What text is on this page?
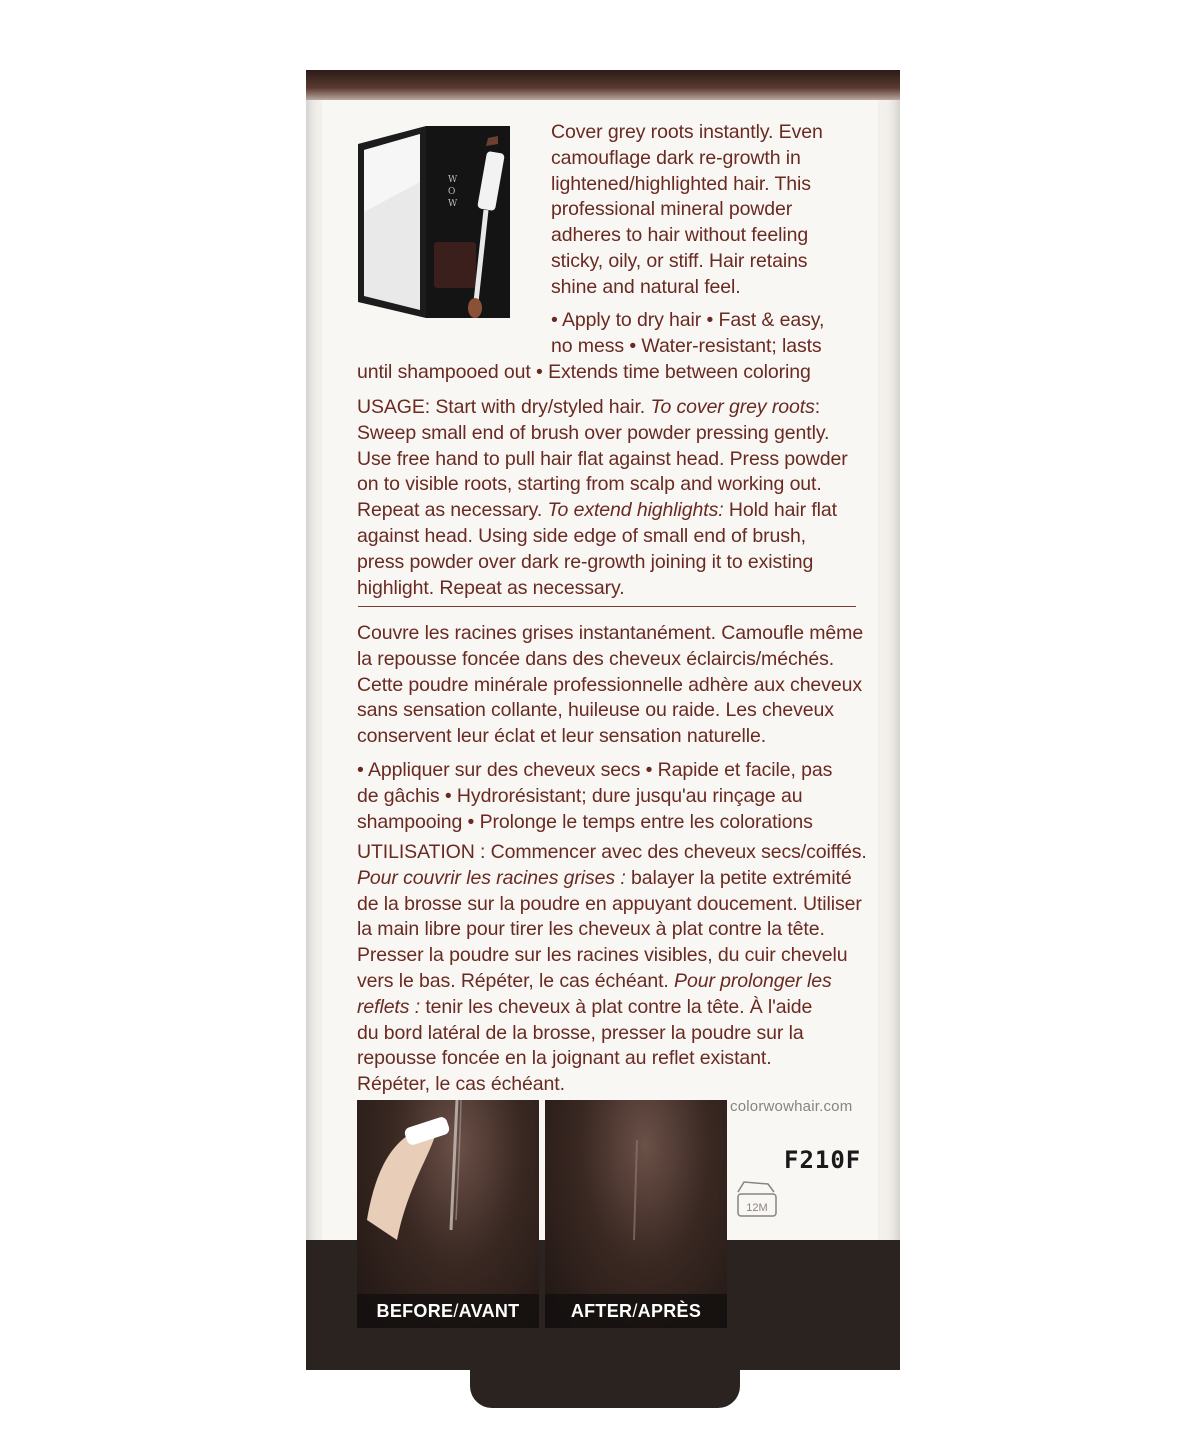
W
O
W

Cover grey roots instantly. Even
camouflage dark re-growth in
lightened/highlighted hair. This
professional mineral powder
adheres to hair without feeling
sticky, oily, or stiff. Hair retains
shine and natural feel.

• Apply to dry hair • Fast & easy,
no mess • Water-resistant; lasts

until shampooed out • Extends time between coloring

USAGE: Start with dry/styled hair. To cover grey roots:
Sweep small end of brush over powder pressing gently.
Use free hand to pull hair flat against head. Press powder
on to visible roots, starting from scalp and working out.
Repeat as necessary. To extend highlights: Hold hair flat
against head. Using side edge of small end of brush,
press powder over dark re-growth joining it to existing
highlight. Repeat as necessary.
Couvre les racines grises instantanément. Camoufle même
la repousse foncée dans des cheveux éclaircis/méchés.
Cette poudre minérale professionnelle adhère aux cheveux
sans sensation collante, huileuse ou raide. Les cheveux
conservent leur éclat et leur sensation naturelle.
• Appliquer sur des cheveux secs • Rapide et facile, pas
de gâchis • Hydrorésistant; dure jusqu'au rinçage au
shampooing • Prolonge le temps entre les colorations
UTILISATION : Commencer avec des cheveux secs/coiffés.
Pour couvrir les racines grises : balayer la petite extrémité
de la brosse sur la poudre en appuyant doucement. Utiliser
la main libre pour tirer les cheveux à plat contre la tête.
Presser la poudre sur les racines visibles, du cuir chevelu
vers le bas. Répéter, le cas échéant. Pour prolonger les
reflets : tenir les cheveux à plat contre la tête. À l'aide
du bord latéral de la brosse, presser la poudre sur la
repousse foncée en la joignant au reflet existant.
Répéter, le cas échéant.
BEFORE/AVANT	AFTER/APRÈS
colorwowhair.com
F210F
12M
